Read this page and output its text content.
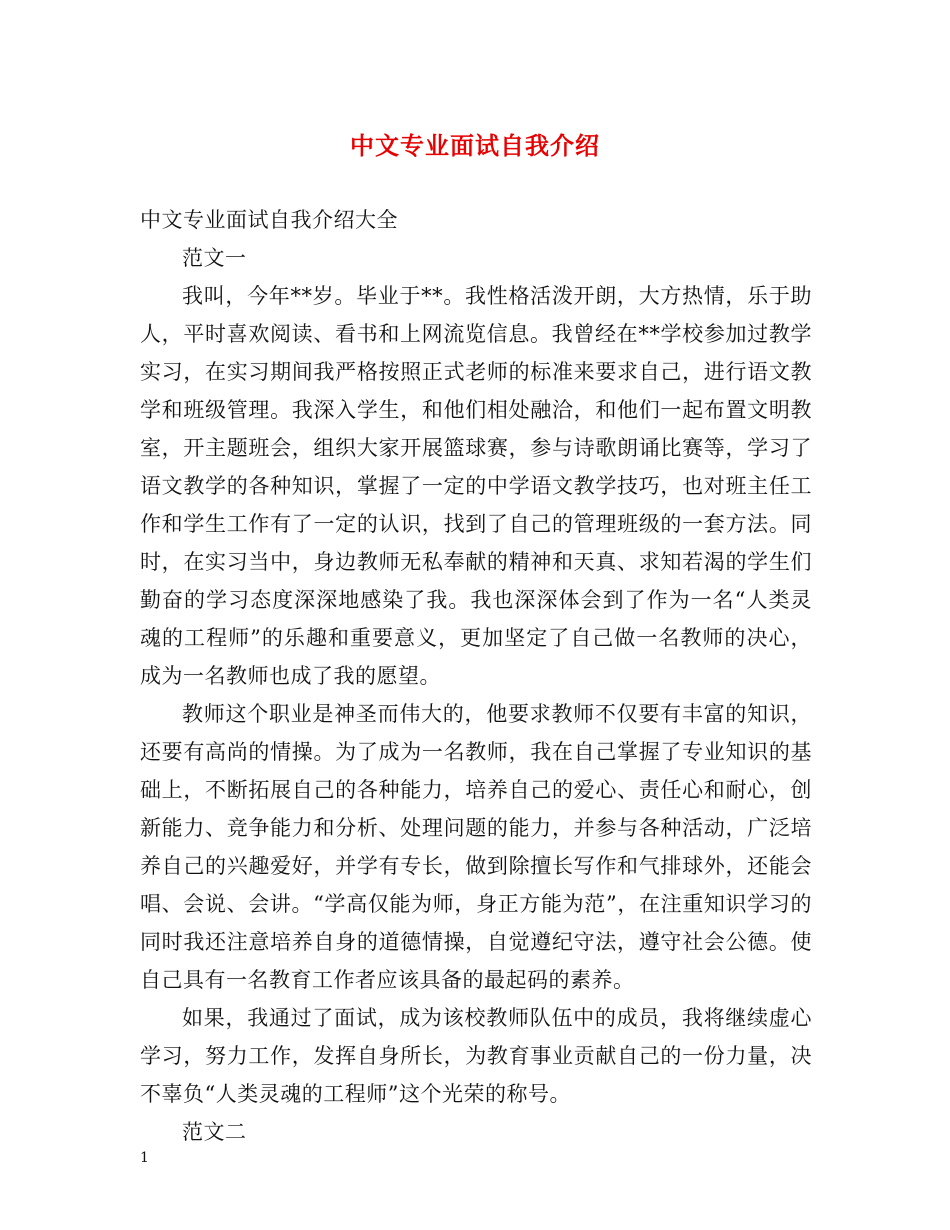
中文专业面试自我介绍

中文专业面试自我介绍大全

范文一

我叫，今年**岁。毕业于**。我性格活泼开朗，大方热情，乐于助人，平时喜欢阅读、看书和上网流览信息。我曾经在**学校参加过教学实习，在实习期间我严格按照正式老师的标准来要求自己，进行语文教学和班级管理。我深入学生，和他们相处融洽，和他们一起布置文明教室，开主题班会，组织大家开展篮球赛，参与诗歌朗诵比赛等，学习了语文教学的各种知识，掌握了一定的中学语文教学技巧，也对班主任工作和学生工作有了一定的认识，找到了自己的管理班级的一套方法。同时，在实习当中，身边教师无私奉献的精神和天真、求知若渴的学生们勤奋的学习态度深深地感染了我。我也深深体会到了作为一名“人类灵魂的工程师”的乐趣和重要意义，更加坚定了自己做一名教师的决心，成为一名教师也成了我的愿望。

教师这个职业是神圣而伟大的，他要求教师不仅要有丰富的知识，还要有高尚的情操。为了成为一名教师，我在自己掌握了专业知识的基础上，不断拓展自己的各种能力，培养自己的爱心、责任心和耐心，创新能力、竞争能力和分析、处理问题的能力，并参与各种活动，广泛培养自己的兴趣爱好，并学有专长，做到除擅长写作和气排球外，还能会唱、会说、会讲。“学高仅能为师，身正方能为范”，在注重知识学习的同时我还注意培养自身的道德情操，自觉遵纪守法，遵守社会公德。使自己具有一名教育工作者应该具备的最起码的素养。

如果，我通过了面试，成为该校教师队伍中的成员，我将继续虚心学习，努力工作，发挥自身所长，为教育事业贡献自己的一份力量，决不辜负“人类灵魂的工程师”这个光荣的称号。

范文二

1
